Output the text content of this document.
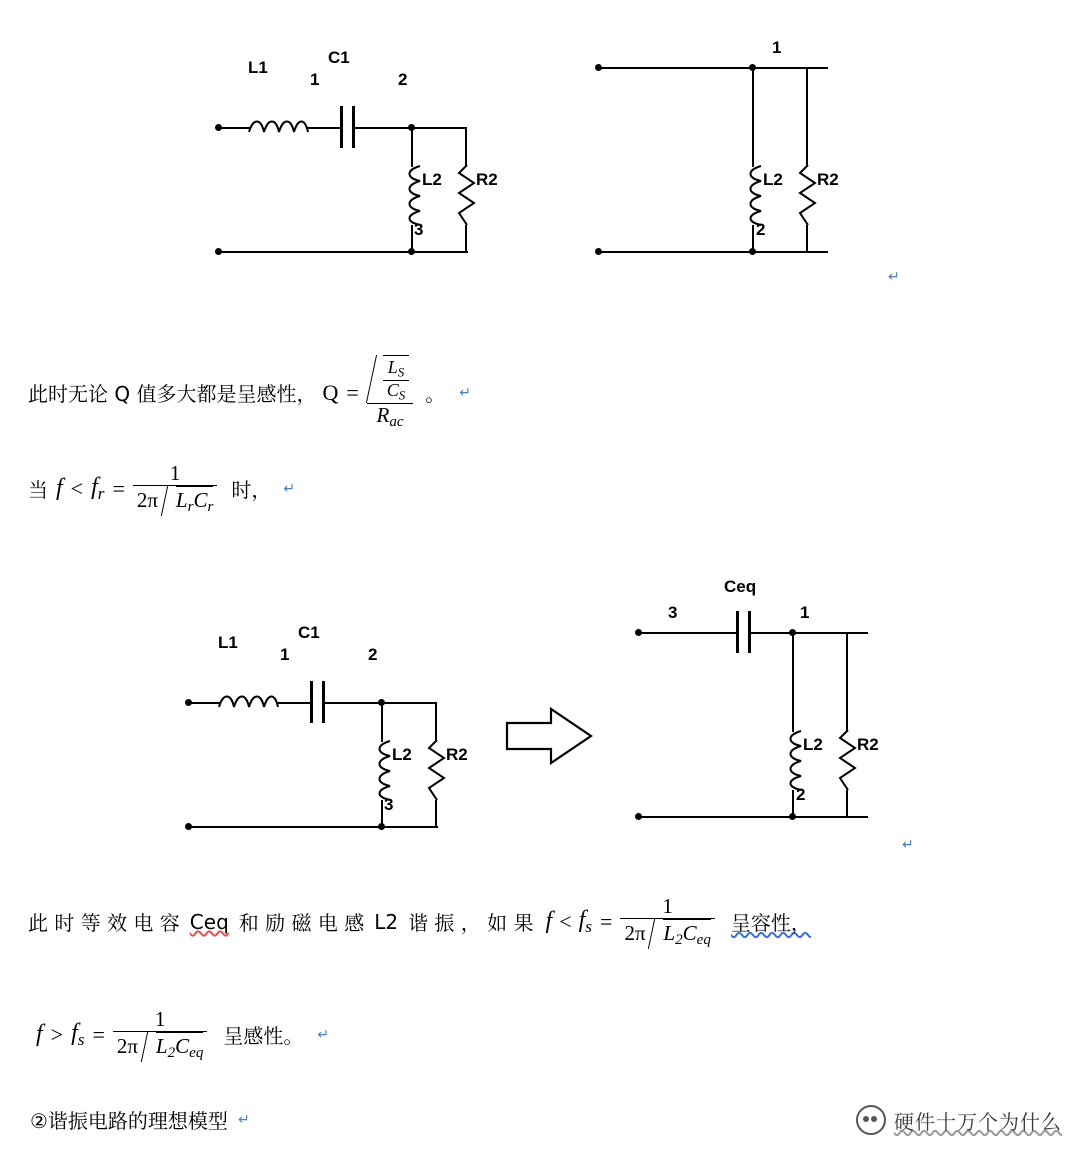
L1
C1
1	2
L2 R2
3
1
L2 R2
2
↵
此时无论 Q 值多大都是呈感性， $Q = \frac{\frac{L_S}{C_S}}{R_{ac}}$ 。 ↵
当 $f < f_r = \frac{1}{2\pi L_rC_r}$ 时， ↵
L1
C1
1	2
L2 R2
3
3
Ceq
1
L2 R2
2
↵
此 时 等 效 电 容 Ceq 和 励 磁 电 感 L2 谐 振 ， 如 果 $f < f_s = \frac{1}{2\pi L_2C_{eq}}$ 呈容性，
$f > f_s = \frac{1}{2\pi L_2C_{eq}}$ 呈感性。 ↵
②谐振电路的理想模型 ↵	硬件十万个为什么
